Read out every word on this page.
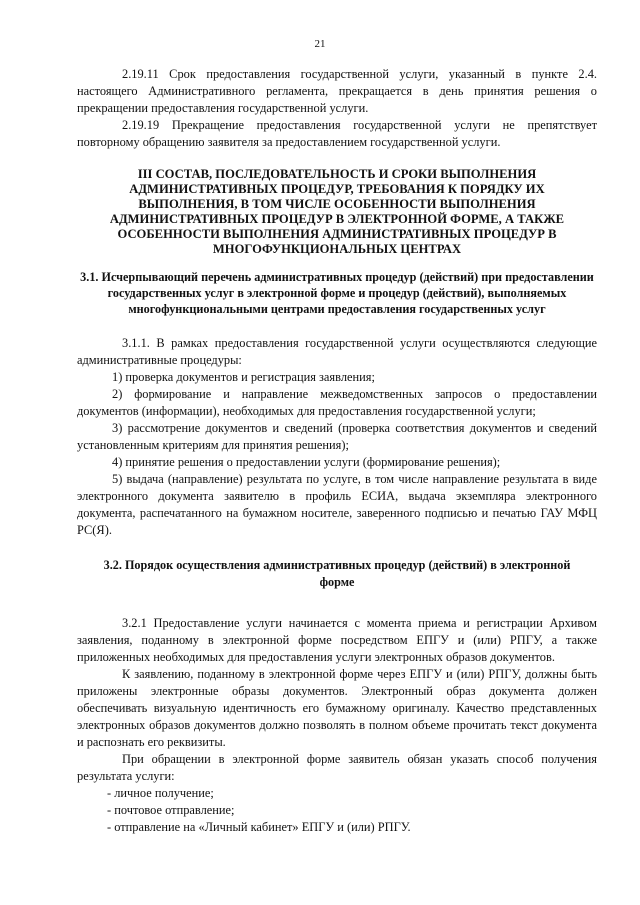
21

2.19.11 Срок предоставления государственной услуги, указанный в пункте 2.4. настоящего Административного регламента, прекращается в день принятия решения о прекращении предоставления государственной услуги.

2.19.19 Прекращение предоставления государственной услуги не препятствует повторному обращению заявителя за предоставлением государственной услуги.

III СОСТАВ, ПОСЛЕДОВАТЕЛЬНОСТЬ И СРОКИ ВЫПОЛНЕНИЯ АДМИНИСТРАТИВНЫХ ПРОЦЕДУР, ТРЕБОВАНИЯ К ПОРЯДКУ ИХ ВЫПОЛНЕНИЯ, В ТОМ ЧИСЛЕ ОСОБЕННОСТИ ВЫПОЛНЕНИЯ АДМИНИСТРАТИВНЫХ ПРОЦЕДУР В ЭЛЕКТРОННОЙ ФОРМЕ, А ТАКЖЕ ОСОБЕННОСТИ ВЫПОЛНЕНИЯ АДМИНИСТРАТИВНЫХ ПРОЦЕДУР В МНОГОФУНКЦИОНАЛЬНЫХ ЦЕНТРАХ
3.1. Исчерпывающий перечень административных процедур (действий) при предоставлении государственных услуг в электронной форме и процедур (действий), выполняемых многофункциональными центрами предоставления государственных услуг

3.1.1. В рамках предоставления государственной услуги осуществляются следующие административные процедуры:

1) проверка документов и регистрация заявления;

2) формирование и направление межведомственных запросов о предоставлении документов (информации), необходимых для предоставления государственной услуги;

3) рассмотрение документов и сведений (проверка соответствия документов и сведений установленным критериям для принятия решения);

4) принятие решения о предоставлении услуги (формирование решения);

5) выдача (направление) результата по услуге, в том числе направление результата в виде электронного документа заявителю в профиль ЕСИА, выдача экземпляра электронного документа, распечатанного на бумажном носителе, заверенного подписью и печатью ГАУ МФЦ РС(Я).

3.2. Порядок осуществления административных процедур (действий) в электронной форме

3.2.1 Предоставление услуги начинается с момента приема и регистрации Архивом заявления, поданному в электронной форме посредством ЕПГУ и (или) РПГУ, а также приложенных необходимых для предоставления услуги электронных образов документов.

К заявлению, поданному в электронной форме через ЕПГУ и (или) РПГУ, должны быть приложены электронные образы документов. Электронный образ документа должен обеспечивать визуальную идентичность его бумажному оригиналу. Качество представленных электронных образов документов должно позволять в полном объеме прочитать текст документа и распознать его реквизиты.

При обращении в электронной форме заявитель обязан указать способ получения результата услуги:

- личное получение;

- почтовое отправление;

- отправление на «Личный кабинет» ЕПГУ и (или) РПГУ.
